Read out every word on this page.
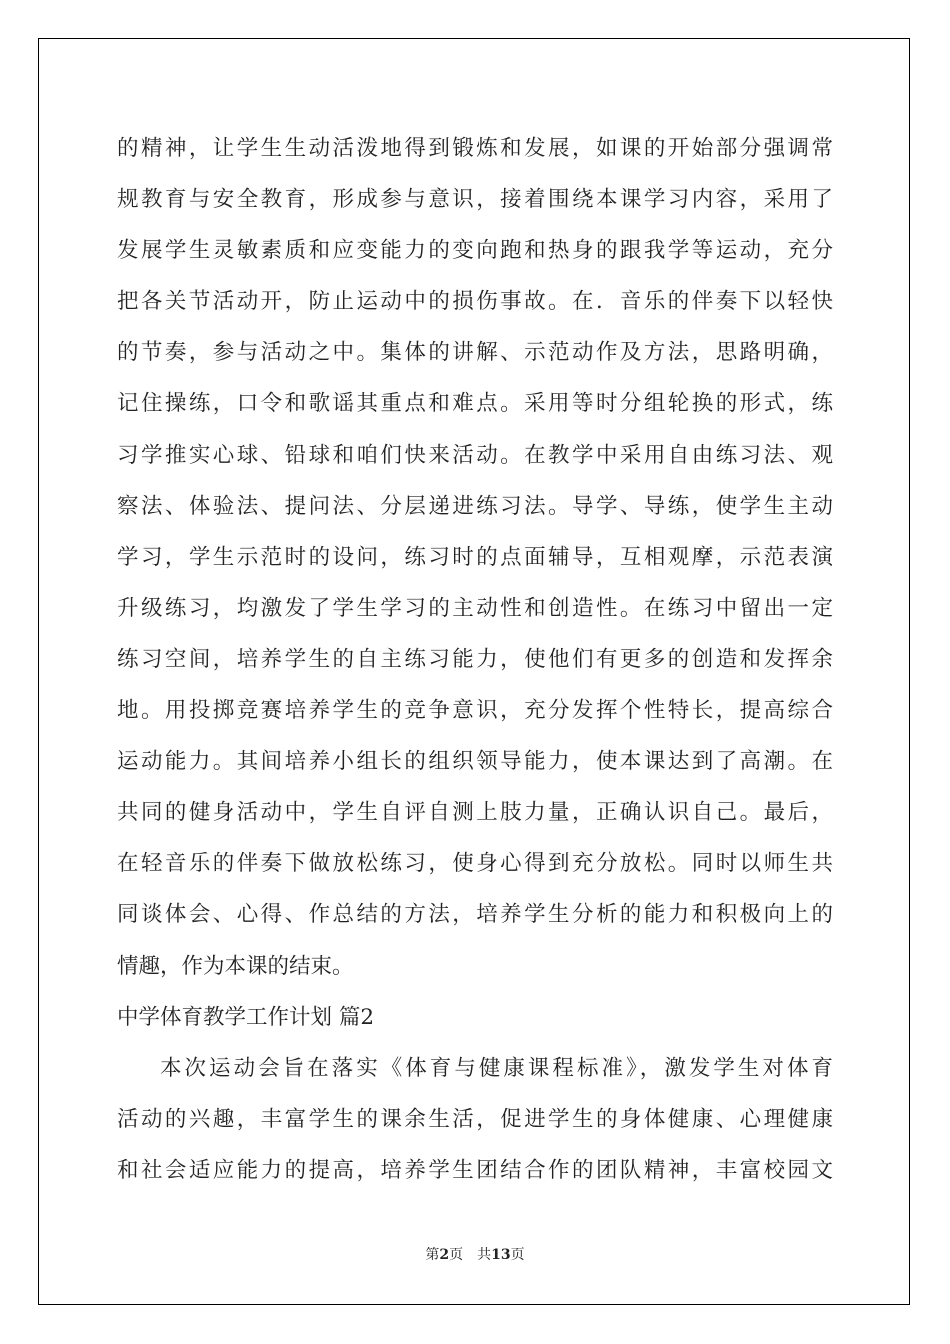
的精神，让学生生动活泼地得到锻炼和发展，如课的开始部分强调常
规教育与安全教育，形成参与意识，接着围绕本课学习内容，采用了
发展学生灵敏素质和应变能力的变向跑和热身的跟我学等运动，充分
把各关节活动开，防止运动中的损伤事故。在．音乐的伴奏下以轻快
的节奏，参与活动之中。集体的讲解、示范动作及方法，思路明确，
记住操练，口令和歌谣其重点和难点。采用等时分组轮换的形式，练
习学推实心球、铅球和咱们快来活动。在教学中采用自由练习法、观
察法、体验法、提问法、分层递进练习法。导学、导练，使学生主动
学习，学生示范时的设问，练习时的点面辅导，互相观摩，示范表演
升级练习，均激发了学生学习的主动性和创造性。在练习中留出一定
练习空间，培养学生的自主练习能力，使他们有更多的创造和发挥余
地。用投掷竞赛培养学生的竞争意识，充分发挥个性特长，提高综合
运动能力。其间培养小组长的组织领导能力，使本课达到了高潮。在
共同的健身活动中，学生自评自测上肢力量，正确认识自己。最后，
在轻音乐的伴奏下做放松练习，使身心得到充分放松。同时以师生共
同谈体会、心得、作总结的方法，培养学生分析的能力和积极向上的
情趣，作为本课的结束。
中学体育教学工作计划 篇2
本次运动会旨在落实《体育与健康课程标准》，激发学生对体育
活动的兴趣，丰富学生的课余生活，促进学生的身体健康、心理健康
和社会适应能力的提高，培养学生团结合作的团队精神，丰富校园文
第2页　共13页
